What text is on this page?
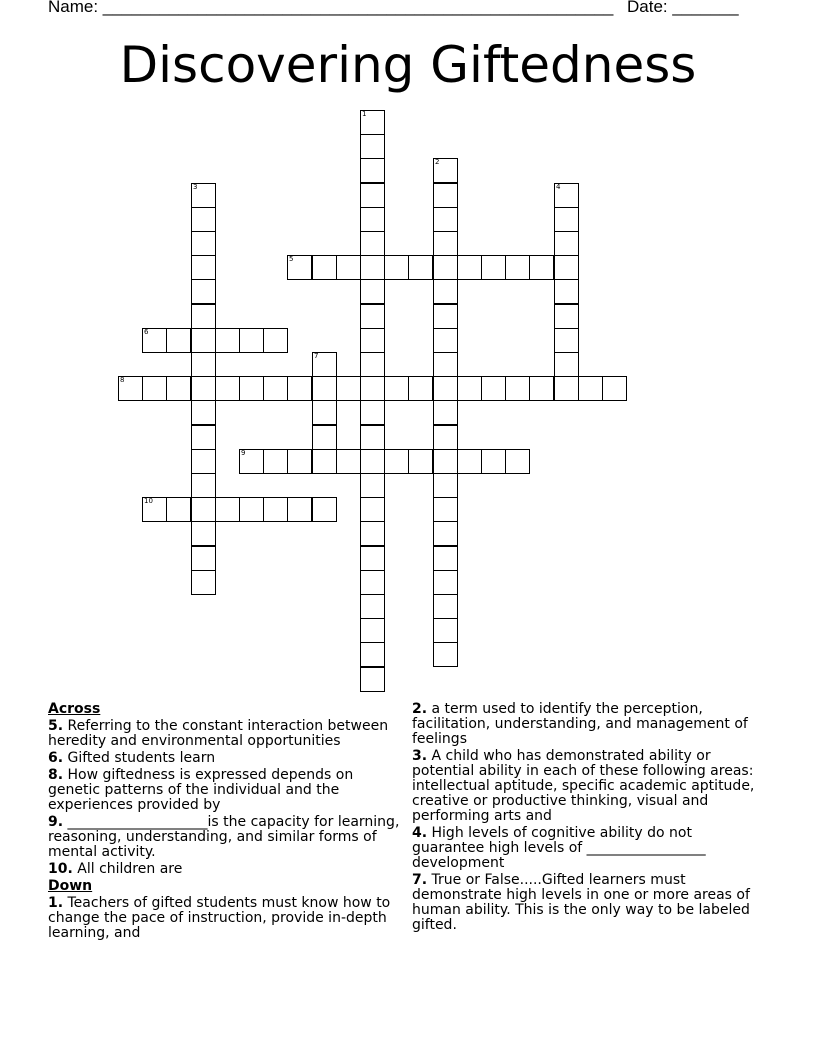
Name: ______________________________________________________ Date: _______
Discovering Giftedness
1
2
3	4
5
6
7
8
9
10
Across
5. Referring to the constant interaction between heredity and environmental opportunities
6. Gifted students learn
8. How giftedness is expressed depends on genetic patterns of the individual and the experiences provided by
9. ____________________is the capacity for learning, reasoning, understanding, and similar forms of mental activity.
10. All children are
Down
1. Teachers of gifted students must know how to change the pace of instruction, provide in-depth learning, and
2. a term used to identify the perception, facilitation, understanding, and management of feelings
3. A child who has demonstrated ability or potential ability in each of these following areas: intellectual aptitude, specific academic aptitude, creative or productive thinking, visual and performing arts and
4. High levels of cognitive ability do not guarantee high levels of _________________ development
7. True or False.....Gifted learners must demonstrate high levels in one or more areas of human ability. This is the only way to be labeled gifted.
